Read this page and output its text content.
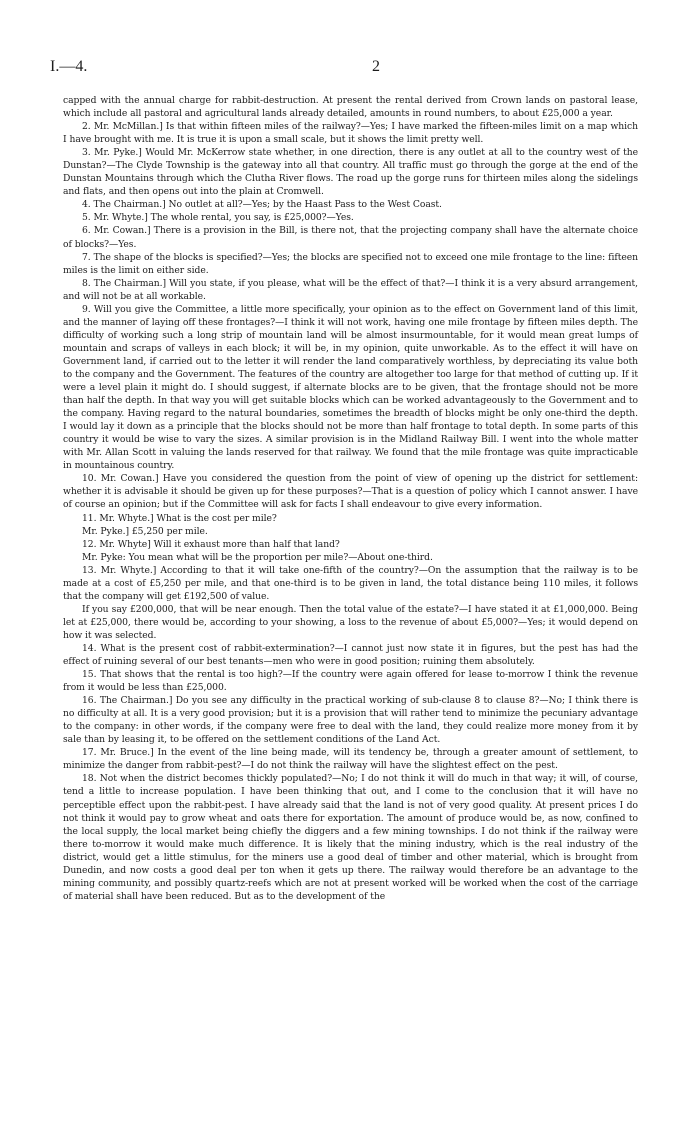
I.—4.	2

capped with the annual charge for rabbit-destruction. At present the rental derived from Crown lands on pastoral lease, which include all pastoral and agricultural lands already detailed, amounts in round numbers, to about £25,000 a year.

2. Mr. McMillan.] Is that within fifteen miles of the railway?—Yes; I have marked the fifteen-miles limit on a map which I have brought with me. It is true it is upon a small scale, but it shows the limit pretty well.

3. Mr. Pyke.] Would Mr. McKerrow state whether, in one direction, there is any outlet at all to the country west of the Dunstan?—The Clyde Township is the gateway into all that country. All traffic must go through the gorge at the end of the Dunstan Mountains through which the Clutha River flows. The road up the gorge runs for thirteen miles along the sidelings and flats, and then opens out into the plain at Cromwell.

4. The Chairman.] No outlet at all?—Yes; by the Haast Pass to the West Coast.

5. Mr. Whyte.] The whole rental, you say, is £25,000?—Yes.

6. Mr. Cowan.] There is a provision in the Bill, is there not, that the projecting company shall have the alternate choice of blocks?—Yes.

7. The shape of the blocks is specified?—Yes; the blocks are specified not to exceed one mile frontage to the line: fifteen miles is the limit on either side.

8. The Chairman.] Will you state, if you please, what will be the effect of that?—I think it is a very absurd arrangement, and will not be at all workable.

9. Will you give the Committee, a little more specifically, your opinion as to the effect on Government land of this limit, and the manner of laying off these frontages?—I think it will not work, having one mile frontage by fifteen miles depth. The difficulty of working such a long strip of mountain land will be almost insurmountable, for it would mean great lumps of mountain and scraps of valleys in each block; it will be, in my opinion, quite unworkable. As to the effect it will have on Government land, if carried out to the letter it will render the land comparatively worthless, by depreciating its value both to the company and the Government. The features of the country are altogether too large for that method of cutting up. If it were a level plain it might do. I should suggest, if alternate blocks are to be given, that the frontage should not be more than half the depth. In that way you will get suitable blocks which can be worked advantageously to the Government and to the company. Having regard to the natural boundaries, sometimes the breadth of blocks might be only one-third the depth. I would lay it down as a principle that the blocks should not be more than half frontage to total depth. In some parts of this country it would be wise to vary the sizes. A similar provision is in the Midland Railway Bill. I went into the whole matter with Mr. Allan Scott in valuing the lands reserved for that railway. We found that the mile frontage was quite impracticable in mountainous country.

10. Mr. Cowan.] Have you considered the question from the point of view of opening up the district for settlement: whether it is advisable it should be given up for these purposes?—That is a question of policy which I cannot answer. I have of course an opinion; but if the Committee will ask for facts I shall endeavour to give every information.

11. Mr. Whyte.] What is the cost per mile?

Mr. Pyke.] £5,250 per mile.

12. Mr. Whyte] Will it exhaust more than half that land?

Mr. Pyke: You mean what will be the proportion per mile?—About one-third.

13. Mr. Whyte.] According to that it will take one-fifth of the country?—On the assumption that the railway is to be made at a cost of £5,250 per mile, and that one-third is to be given in land, the total distance being 110 miles, it follows that the company will get £192,500 of value.

If you say £200,000, that will be near enough. Then the total value of the estate?—I have stated it at £1,000,000. Being let at £25,000, there would be, according to your showing, a loss to the revenue of about £5,000?—Yes; it would depend on how it was selected.

14. What is the present cost of rabbit-extermination?—I cannot just now state it in figures, but the pest has had the effect of ruining several of our best tenants—men who were in good position; ruining them absolutely.

15. That shows that the rental is too high?—If the country were again offered for lease to-morrow I think the revenue from it would be less than £25,000.

16. The Chairman.] Do you see any difficulty in the practical working of sub-clause 8 to clause 8?—No; I think there is no difficulty at all. It is a very good provision; but it is a provision that will rather tend to minimize the pecuniary advantage to the company: in other words, if the company were free to deal with the land, they could realize more money from it by sale than by leasing it, to be offered on the settlement conditions of the Land Act.

17. Mr. Bruce.] In the event of the line being made, will its tendency be, through a greater amount of settlement, to minimize the danger from rabbit-pest?—I do not think the railway will have the slightest effect on the pest.

18. Not when the district becomes thickly populated?—No; I do not think it will do much in that way; it will, of course, tend a little to increase population. I have been thinking that out, and I come to the conclusion that it will have no perceptible effect upon the rabbit-pest. I have already said that the land is not of very good quality. At present prices I do not think it would pay to grow wheat and oats there for exportation. The amount of produce would be, as now, confined to the local supply, the local market being chiefly the diggers and a few mining townships. I do not think if the railway were there to-morrow it would make much difference. It is likely that the mining industry, which is the real industry of the district, would get a little stimulus, for the miners use a good deal of timber and other material, which is brought from Dunedin, and now costs a good deal per ton when it gets up there. The railway would therefore be an advantage to the mining community, and possibly quartz-reefs which are not at present worked will be worked when the cost of the carriage of material shall have been reduced. But as to the development of the
